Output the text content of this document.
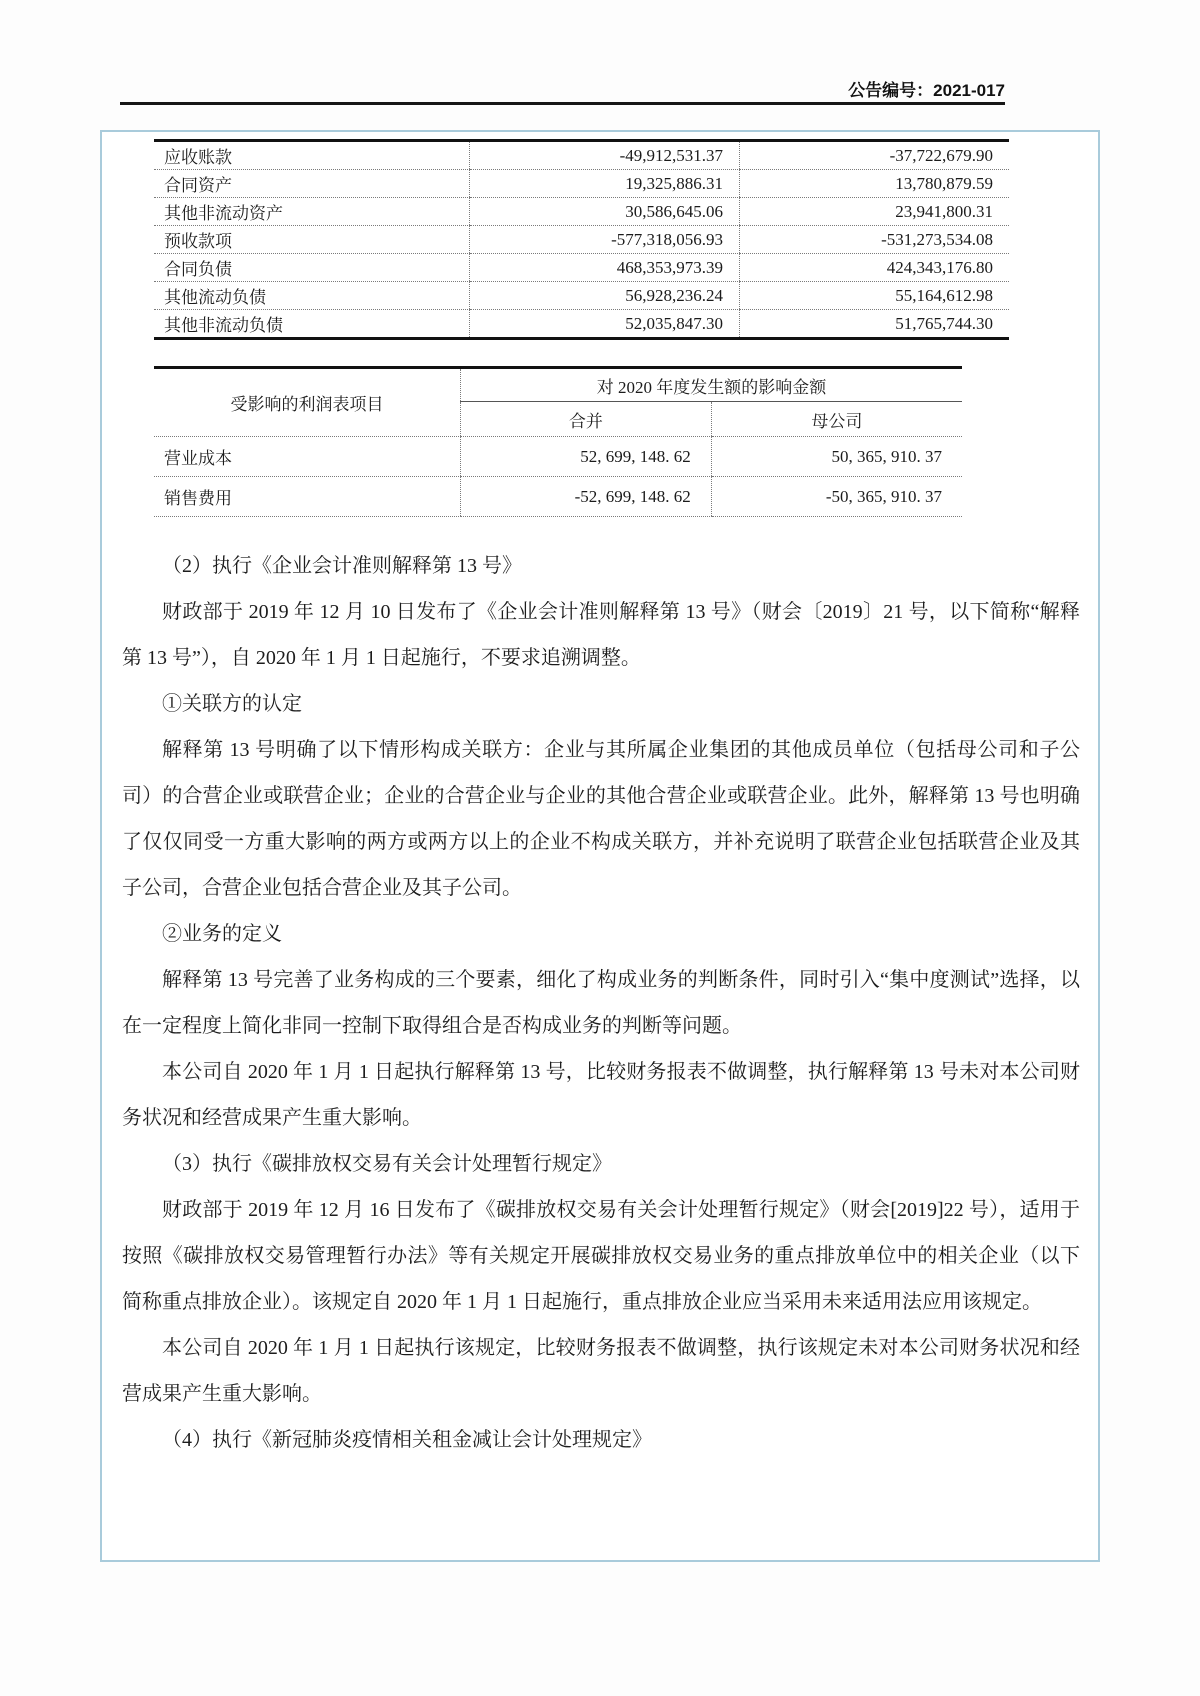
公告编号：2021-017
应收账款	-49,912,531.37	-37,722,679.90
合同资产	19,325,886.31	13,780,879.59
其他非流动资产	30,586,645.06	23,941,800.31
预收款项	-577,318,056.93	-531,273,534.08
合同负债	468,353,973.39	424,343,176.80
其他流动负债	56,928,236.24	55,164,612.98
其他非流动负债	52,035,847.30	51,765,744.30
受影响的利润表项目	对 2020 年度发生额的影响金额	
	合并	母公司
营业成本	52, 699, 148. 62	50, 365, 910. 37
销售费用	-52, 699, 148. 62	-50, 365, 910. 37

（2）执行《企业会计准则解释第 13 号》

财政部于 2019 年 12 月 10 日发布了《企业会计准则解释第 13 号》（财会〔2019〕21 号，以下简称“解释第 13 号”），自 2020 年 1 月 1 日起施行，不要求追溯调整。

①关联方的认定

解释第 13 号明确了以下情形构成关联方：企业与其所属企业集团的其他成员单位（包括母公司和子公司）的合营企业或联营企业；企业的合营企业与企业的其他合营企业或联营企业。此外，解释第 13 号也明确了仅仅同受一方重大影响的两方或两方以上的企业不构成关联方，并补充说明了联营企业包括联营企业及其子公司，合营企业包括合营企业及其子公司。

②业务的定义

解释第 13 号完善了业务构成的三个要素，细化了构成业务的判断条件，同时引入“集中度测试”选择，以在一定程度上简化非同一控制下取得组合是否构成业务的判断等问题。

本公司自 2020 年 1 月 1 日起执行解释第 13 号，比较财务报表不做调整，执行解释第 13 号未对本公司财务状况和经营成果产生重大影响。

（3）执行《碳排放权交易有关会计处理暂行规定》

财政部于 2019 年 12 月 16 日发布了《碳排放权交易有关会计处理暂行规定》（财会[2019]22 号），适用于按照《碳排放权交易管理暂行办法》等有关规定开展碳排放权交易业务的重点排放单位中的相关企业（以下简称重点排放企业）。该规定自 2020 年 1 月 1 日起施行，重点排放企业应当采用未来适用法应用该规定。

本公司自 2020 年 1 月 1 日起执行该规定，比较财务报表不做调整，执行该规定未对本公司财务状况和经营成果产生重大影响。

（4）执行《新冠肺炎疫情相关租金减让会计处理规定》
